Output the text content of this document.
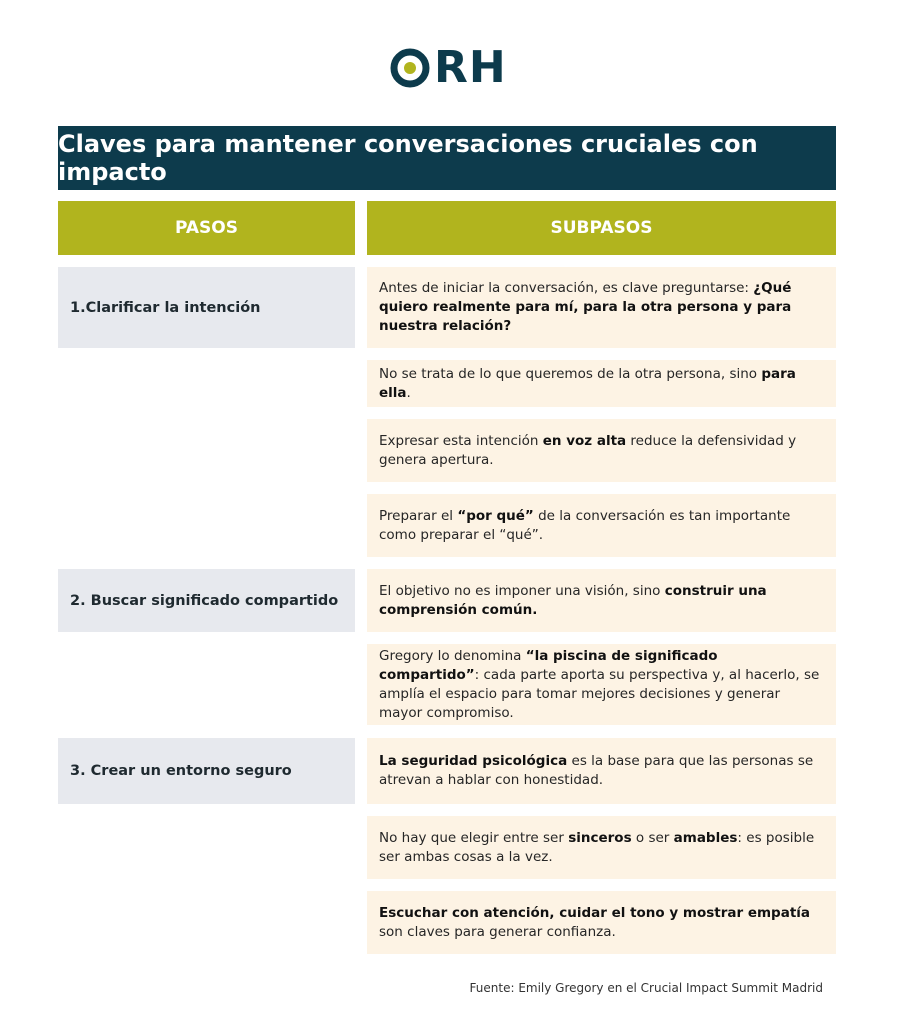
RH
Claves para mantener conversaciones cruciales con impacto
PASOS	SUBPASOS
1.Clarificar la intención
2. Buscar significado compartido
3. Crear un entorno seguro
Antes de iniciar la conversación, es clave preguntarse: ¿Qué quiero realmente para mí, para la otra persona y para nuestra relación?
No se trata de lo que queremos de la otra persona, sino para ella.
Expresar esta intención en voz alta reduce la defensividad y genera apertura.
Preparar el “por qué” de la conversación es tan importante como preparar el “qué”.
El objetivo no es imponer una visión, sino construir una comprensión común.
Gregory lo denomina “la piscina de significado compartido”: cada parte aporta su perspectiva y, al hacerlo, se amplía el espacio para tomar mejores decisiones y generar mayor compromiso.
La seguridad psicológica es la base para que las personas se atrevan a hablar con honestidad.
No hay que elegir entre ser sinceros o ser amables: es posible ser ambas cosas a la vez.
Escuchar con atención, cuidar el tono y mostrar empatía son claves para generar confianza.
Fuente: Emily Gregory en el Crucial Impact Summit Madrid
